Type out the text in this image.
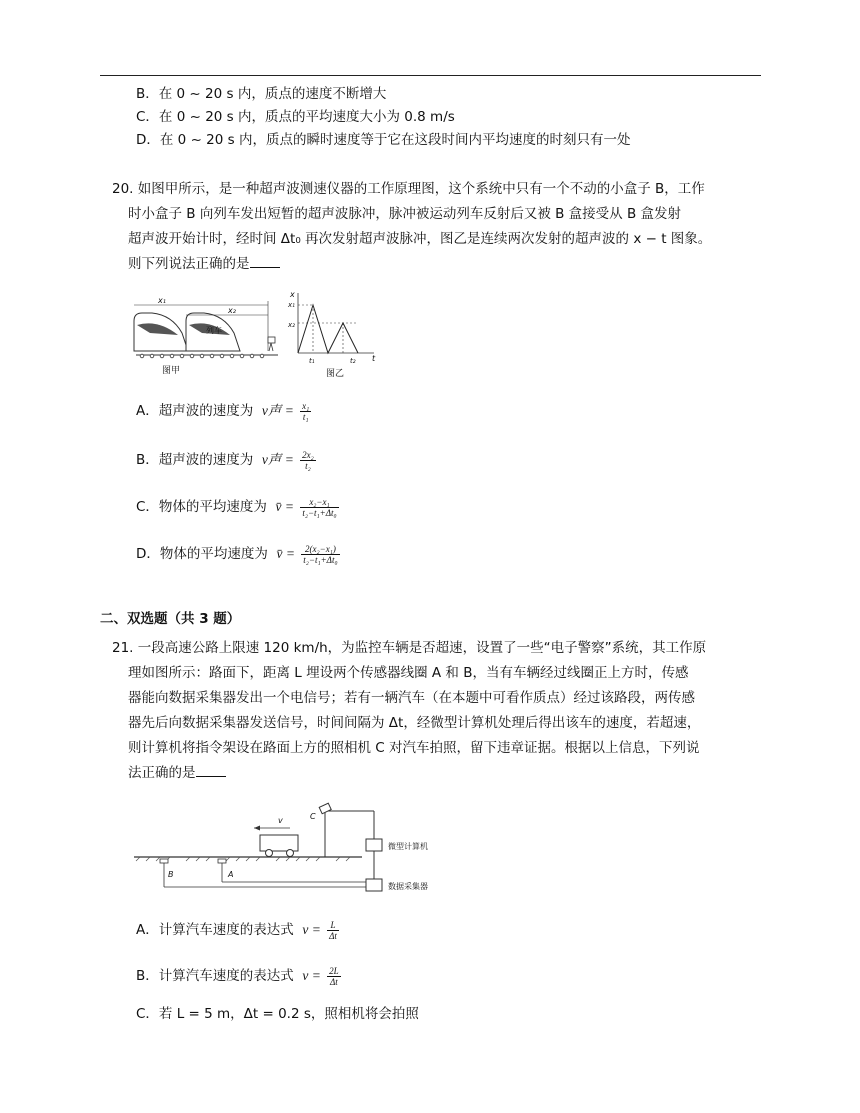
B．在 0 ~ 20 s 内，质点的速度不断增大
C．在 0 ~ 20 s 内，质点的平均速度大小为 0.8 m/s
D．在 0 ~ 20 s 内，质点的瞬时速度等于它在这段时间内平均速度的时刻只有一处
20. 如图甲所示，是一种超声波测速仪器的工作原理图，这个系统中只有一个不动的小盒子 B，工作
时小盒子 B 向列车发出短暂的超声波脉冲，脉冲被运动列车反射后又被 B 盒接受从 B 盒发射
超声波开始计时，经时间 Δt₀ 再次发射超声波脉冲，图乙是连续两次发射的超声波的 x − t 图象。
则下列说法正确的是
列车
x₁
x₂
图甲
x
t
x₁
x₂
t₁	t₂
图乙
A．超声波的速度为 v声 = $\frac{\text{x₁}}{\text{t₁}}$
B．超声波的速度为 v声 = $\frac{\text{2x₂}}{\text{t₂}}$
C．物体的平均速度为 v̄ = $\frac{\text{x₂−x₁}}{\text{t₂−t₁+Δt₀}}$
D．物体的平均速度为 v̄ = $\frac{\text{2(x₂−x₁)}}{\text{t₂−t₁+Δt₀}}$
二、双选题（共 3 题）
21. 一段高速公路上限速 120 km/h，为监控车辆是否超速，设置了一些“电子警察”系统，其工作原
理如图所示：路面下，距离 L 埋设两个传感器线圈 A 和 B，当有车辆经过线圈正上方时，传感
器能向数据采集器发出一个电信号；若有一辆汽车（在本题中可看作质点）经过该路段，两传感
器先后向数据采集器发送信号，时间间隔为 Δt，经微型计算机处理后得出该车的速度，若超速，
则计算机将指令架设在路面上方的照相机 C 对汽车拍照，留下违章证据。根据以上信息，下列说
法正确的是
v	C
微型计算机
数据采集器
B	A
A．计算汽车速度的表达式 $v = \frac{L}{\Delta t}$
B．计算汽车速度的表达式 $v = \frac{2L}{\Delta t}$
C．若 L = 5 m，Δt = 0.2 s，照相机将会拍照
